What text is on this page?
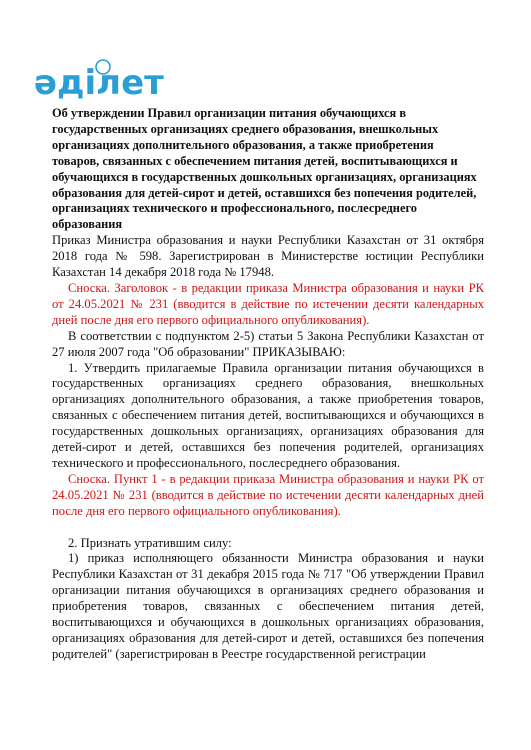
әділет

Об утверждении Правил организации питания обучающихся в государственных организациях среднего образования, внешкольных организациях дополнительного образования, а также приобретения товаров, связанных с обеспечением питания детей, воспитывающихся и обучающихся в государственных дошкольных организациях, организациях образования для детей-сирот и детей, оставшихся без попечения родителей, организациях технического и профессионального, послесреднего образования

Приказ Министра образования и науки Республики Казахстан от 31 октября 2018 года № 598. Зарегистрирован в Министерстве юстиции Республики Казахстан 14 декабря 2018 года № 17948.

Сноска. Заголовок - в редакции приказа Министра образования и науки РК от 24.05.2021 № 231 (вводится в действие по истечении десяти календарных дней после дня его первого официального опубликования).

В соответствии с подпунктом 2-5) статьи 5 Закона Республики Казахстан от 27 июля 2007 года "Об образовании" ПРИКАЗЫВАЮ:

1. Утвердить прилагаемые Правила организации питания обучающихся в государственных организациях среднего образования, внешкольных организациях дополнительного образования, а также приобретения товаров, связанных с обеспечением питания детей, воспитывающихся и обучающихся в государственных дошкольных организациях, организациях образования для детей-сирот и детей, оставшихся без попечения родителей, организациях технического и профессионального, послесреднего образования.

Сноска. Пункт 1 - в редакции приказа Министра образования и науки РК от 24.05.2021 № 231 (вводится в действие по истечении десяти календарных дней после дня его первого официального опубликования).

2. Признать утратившим силу:

1) приказ исполняющего обязанности Министра образования и науки Республики Казахстан от 31 декабря 2015 года № 717 "Об утверждении Правил организации питания обучающихся в организациях среднего образования и приобретения товаров, связанных с обеспечением питания детей, воспитывающихся и обучающихся в дошкольных организациях образования, организациях образования для детей-сирот и детей, оставшихся без попечения родителей" (зарегистрирован в Реестре государственной регистрации
